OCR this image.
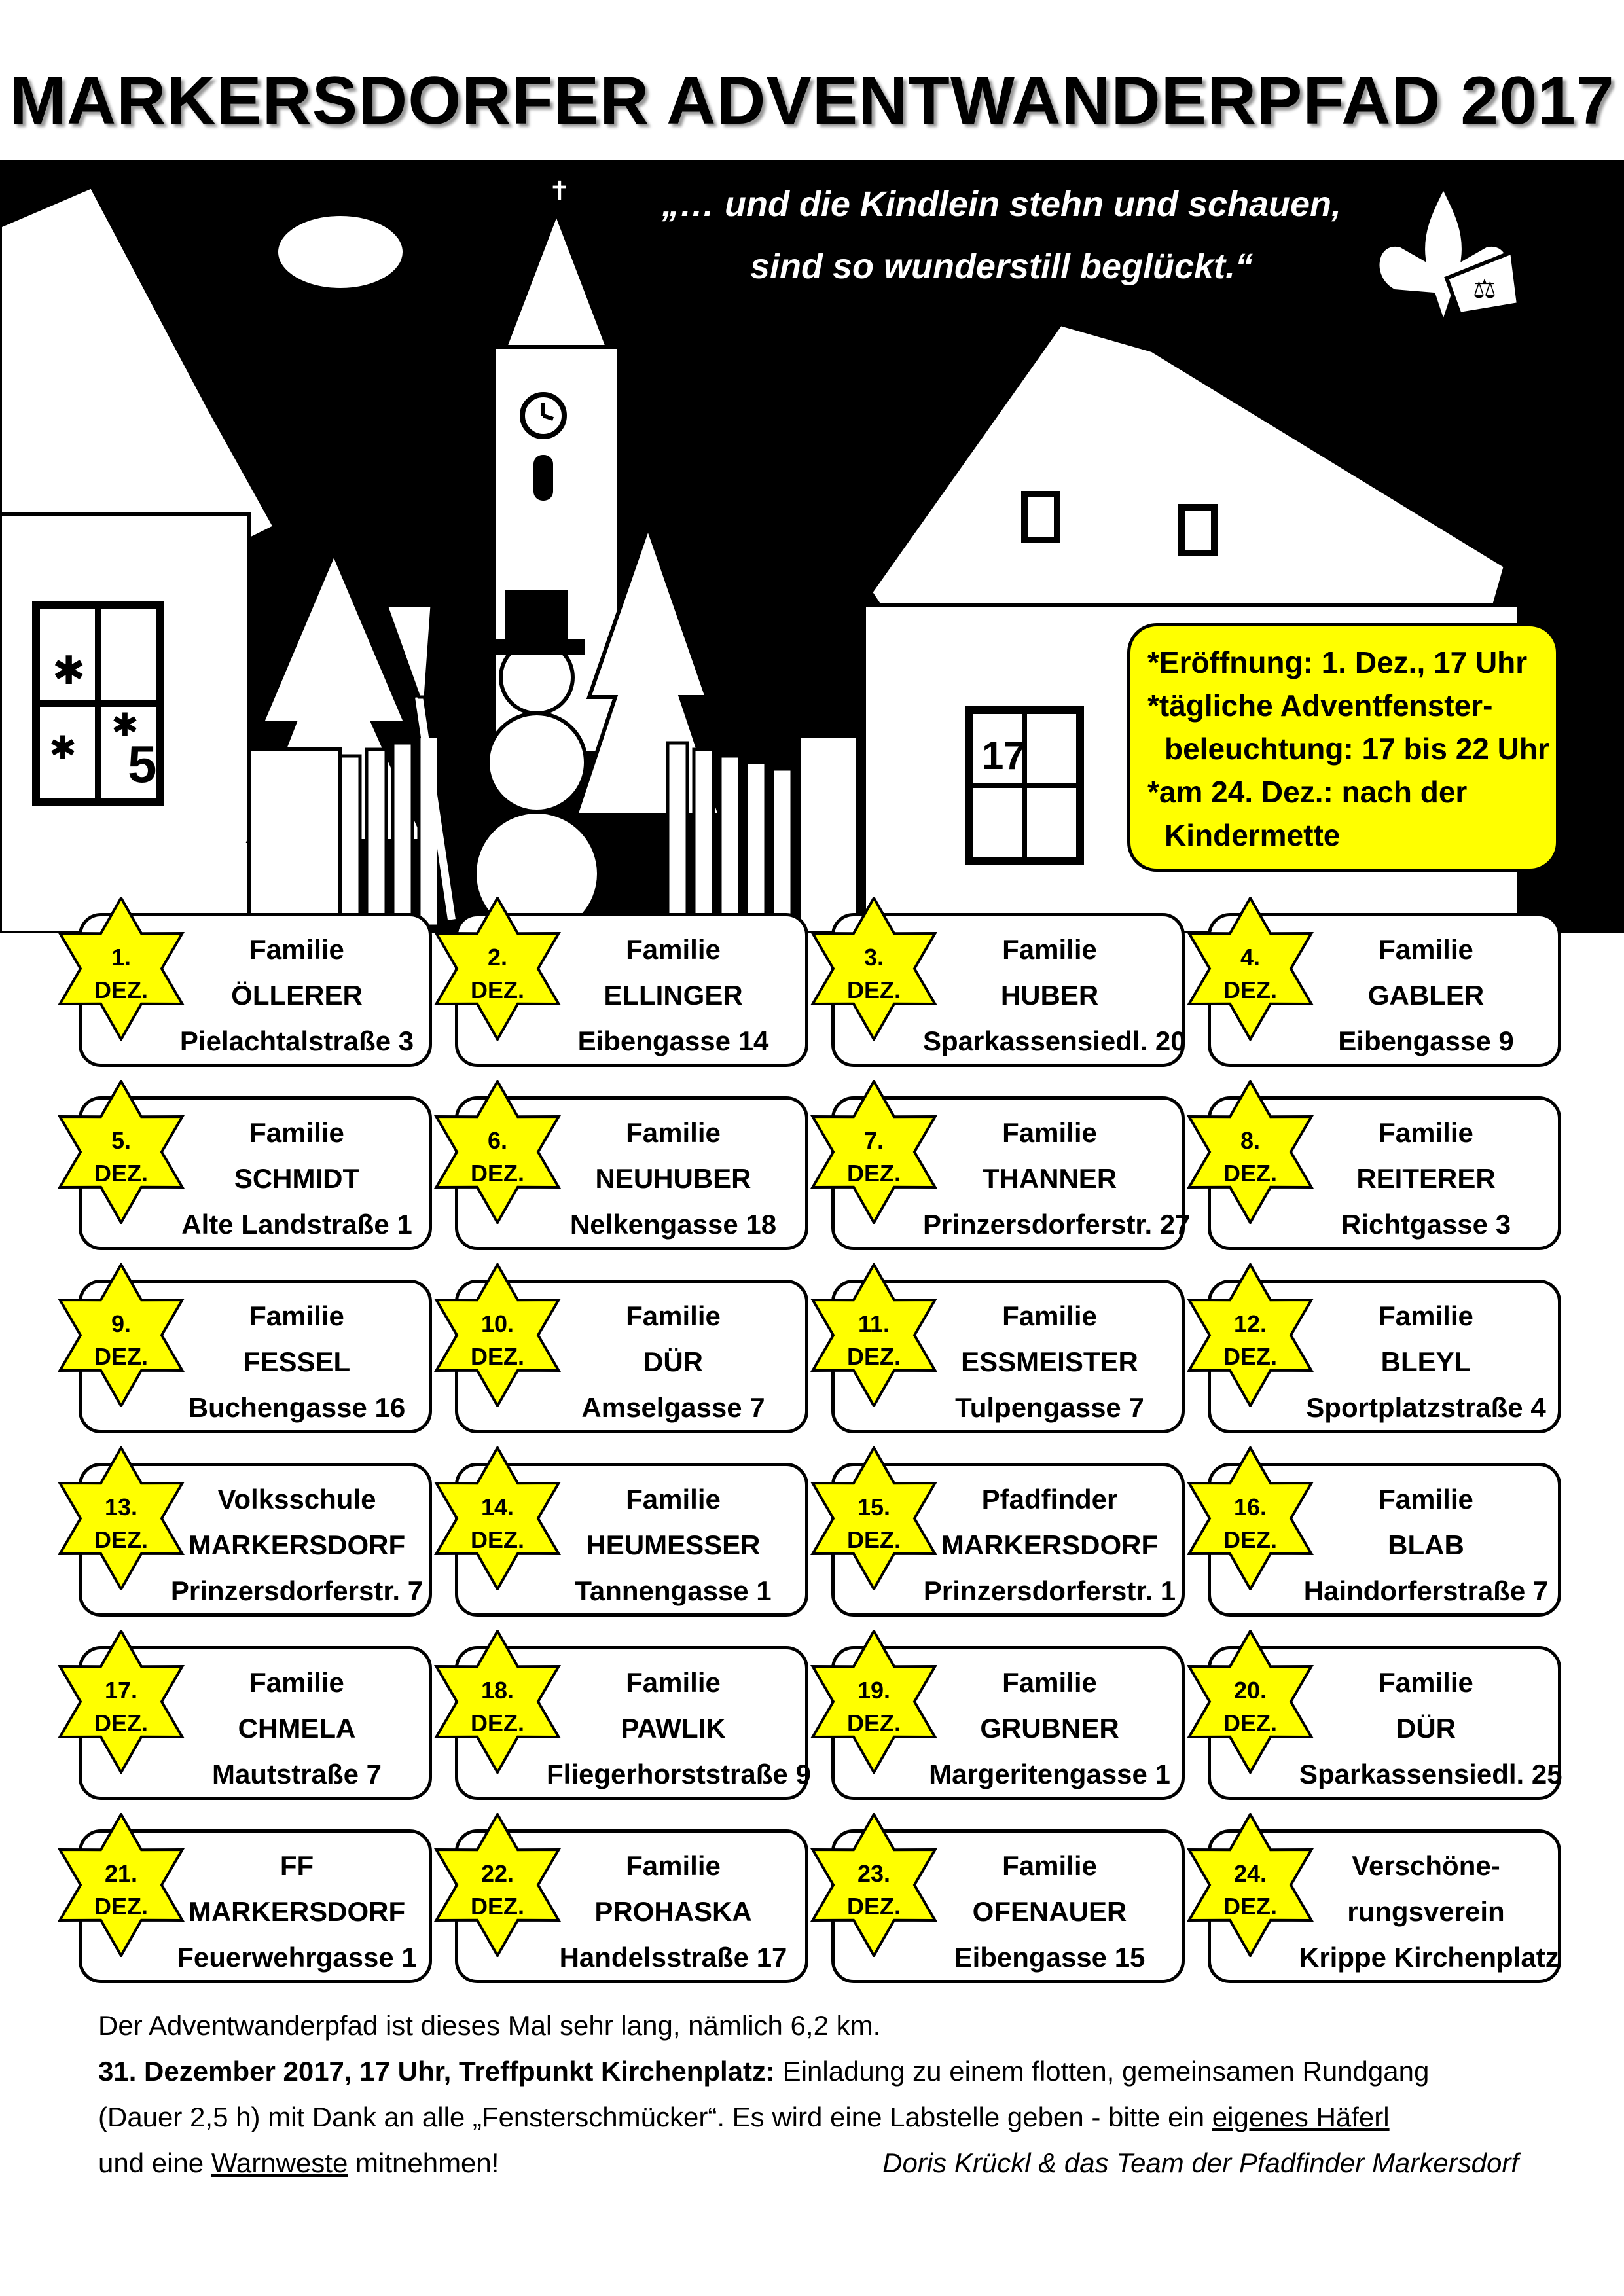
MARKERSDORFER ADVENTWANDERPFAD 2017
5
✱
✱
✱
✝
17
„… und die Kindlein stehn und schauen,
sind so wunderstill beglückt.“
⚖
*Eröffnung: 1. Dez., 17 Uhr
*tägliche Adventfenster-
beleuchtung: 17 bis 22 Uhr
*am 24. Dez.: nach der
Kindermette
Familie
ÖLLERER
Pielachtalstraße 3
1.
DEZ.
Familie
ELLINGER
Eibengasse 14
2.
DEZ.
Familie
HUBER
Sparkassensiedl. 20
3.
DEZ.
Familie
GABLER
Eibengasse 9
4.
DEZ.
Familie
SCHMIDT
Alte Landstraße 1
5.
DEZ.
Familie
NEUHUBER
Nelkengasse 18
6.
DEZ.
Familie
THANNER
Prinzersdorferstr. 27
7.
DEZ.
Familie
REITERER
Richtgasse 3
8.
DEZ.
Familie
FESSEL
Buchengasse 16
9.
DEZ.
Familie
DÜR
Amselgasse 7
10.
DEZ.
Familie
ESSMEISTER
Tulpengasse 7
11.
DEZ.
Familie
BLEYL
Sportplatzstraße 4
12.
DEZ.
Volksschule
MARKERSDORF
Prinzersdorferstr. 7
13.
DEZ.
Familie
HEUMESSER
Tannengasse 1
14.
DEZ.
Pfadfinder
MARKERSDORF
Prinzersdorferstr. 1
15.
DEZ.
Familie
BLAB
Haindorferstraße 7
16.
DEZ.
Familie
CHMELA
Mautstraße 7
17.
DEZ.
Familie
PAWLIK
Fliegerhorststraße 9
18.
DEZ.
Familie
GRUBNER
Margeritengasse 1
19.
DEZ.
Familie
DÜR
Sparkassensiedl. 25
20.
DEZ.
FF
MARKERSDORF
Feuerwehrgasse 1
21.
DEZ.
Familie
PROHASKA
Handelsstraße 17
22.
DEZ.
Familie
OFENAUER
Eibengasse 15
23.
DEZ.
Verschöne-
rungsverein
Krippe Kirchenplatz
24.
DEZ.

Der Adventwanderpfad ist dieses Mal sehr lang, nämlich 6,2 km.

31. Dezember 2017, 17 Uhr, Treffpunkt Kirchenplatz: Einladung zu einem flotten, gemeinsamen Rundgang

(Dauer 2,5 h) mit Dank an alle „Fensterschmücker“. Es wird eine Labstelle geben - bitte ein eigenes Häferl

und eine Warnweste mitnehmen!	Doris Krückl & das Team der Pfadfinder Markersdorf
